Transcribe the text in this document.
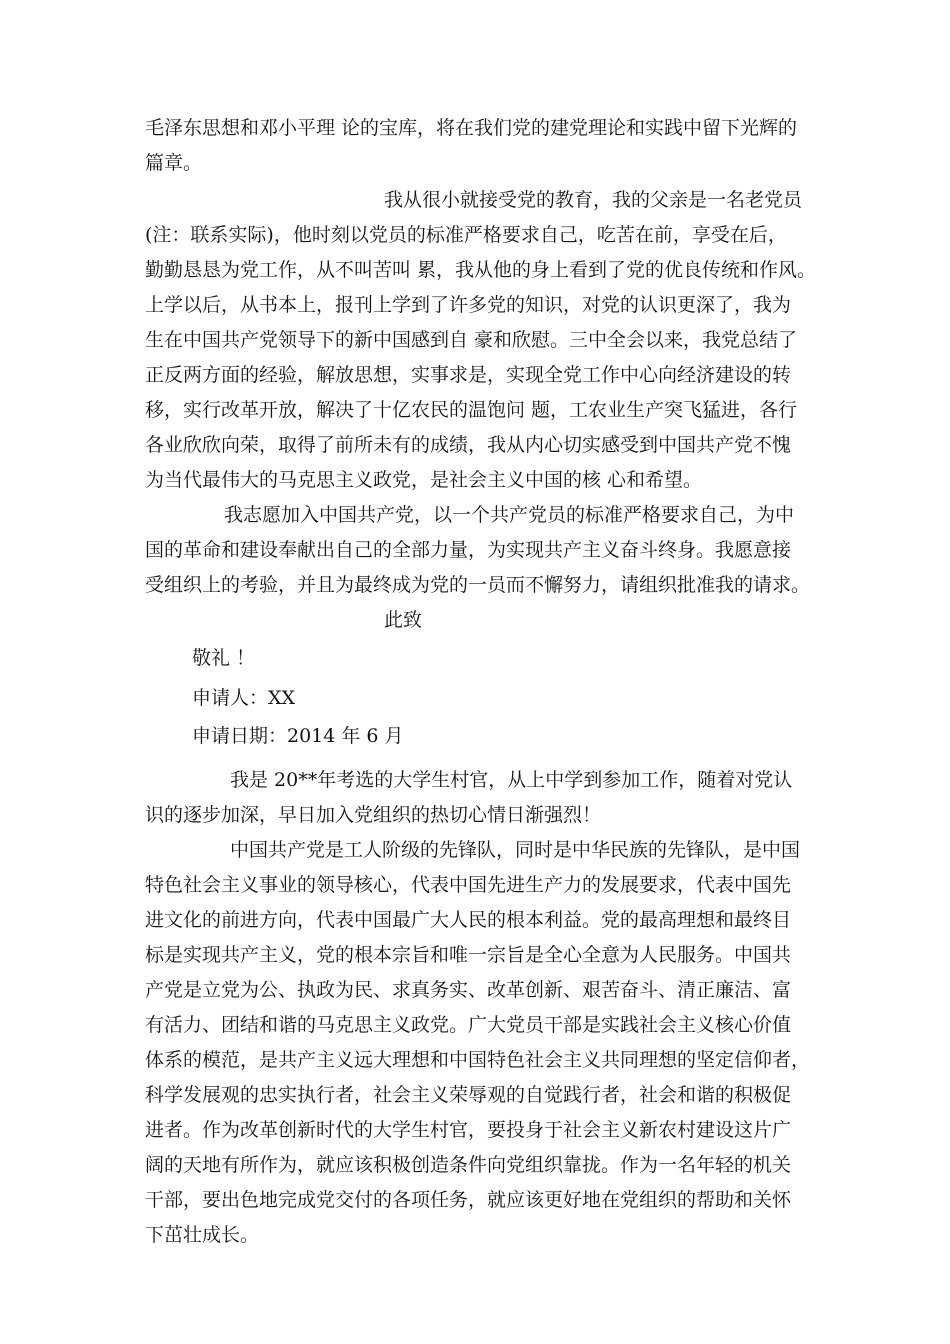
毛泽东思想和邓小平理 论的宝库，将在我们党的建党理论和实践中留下光辉的
篇章。
我从很小就接受党的教育，我的父亲是一名老党员
(注：联系实际)，他时刻以党员的标准严格要求自己，吃苦在前，享受在后，
勤勤恳恳为党工作，从不叫苦叫 累，我从他的身上看到了党的优良传统和作风。
上学以后，从书本上，报刊上学到了许多党的知识，对党的认识更深了，我为
生在中国共产党领导下的新中国感到自 豪和欣慰。三中全会以来，我党总结了
正反两方面的经验，解放思想，实事求是，实现全党工作中心向经济建设的转
移，实行改革开放，解决了十亿农民的温饱问 题，工农业生产突飞猛进，各行
各业欣欣向荣，取得了前所未有的成绩，我从内心切实感受到中国共产党不愧
为当代最伟大的马克思主义政党，是社会主义中国的核 心和希望。
我志愿加入中国共产党，以一个共产党员的标准严格要求自己，为中
国的革命和建设奉献出自己的全部力量，为实现共产主义奋斗终身。我愿意接
受组织上的考验，并且为最终成为党的一员而不懈努力，请组织批准我的请求。
此致
敬礼 ！
申请人：XX
申请日期：2014 年 6 月
我是 20**年考选的大学生村官，从上中学到参加工作，随着对党认
识的逐步加深，早日加入党组织的热切心情日渐强烈！
中国共产党是工人阶级的先锋队，同时是中华民族的先锋队，是中国
特色社会主义事业的领导核心，代表中国先进生产力的发展要求，代表中国先
进文化的前进方向，代表中国最广大人民的根本利益。党的最高理想和最终目
标是实现共产主义，党的根本宗旨和唯一宗旨是全心全意为人民服务。中国共
产党是立党为公、执政为民、求真务实、改革创新、艰苦奋斗、清正廉洁、富
有活力、团结和谐的马克思主义政党。广大党员干部是实践社会主义核心价值
体系的模范，是共产主义远大理想和中国特色社会主义共同理想的坚定信仰者，
科学发展观的忠实执行者，社会主义荣辱观的自觉践行者，社会和谐的积极促
进者。作为改革创新时代的大学生村官，要投身于社会主义新农村建设这片广
阔的天地有所作为，就应该积极创造条件向党组织靠拢。作为一名年轻的机关
干部，要出色地完成党交付的各项任务，就应该更好地在党组织的帮助和关怀
下茁壮成长。
